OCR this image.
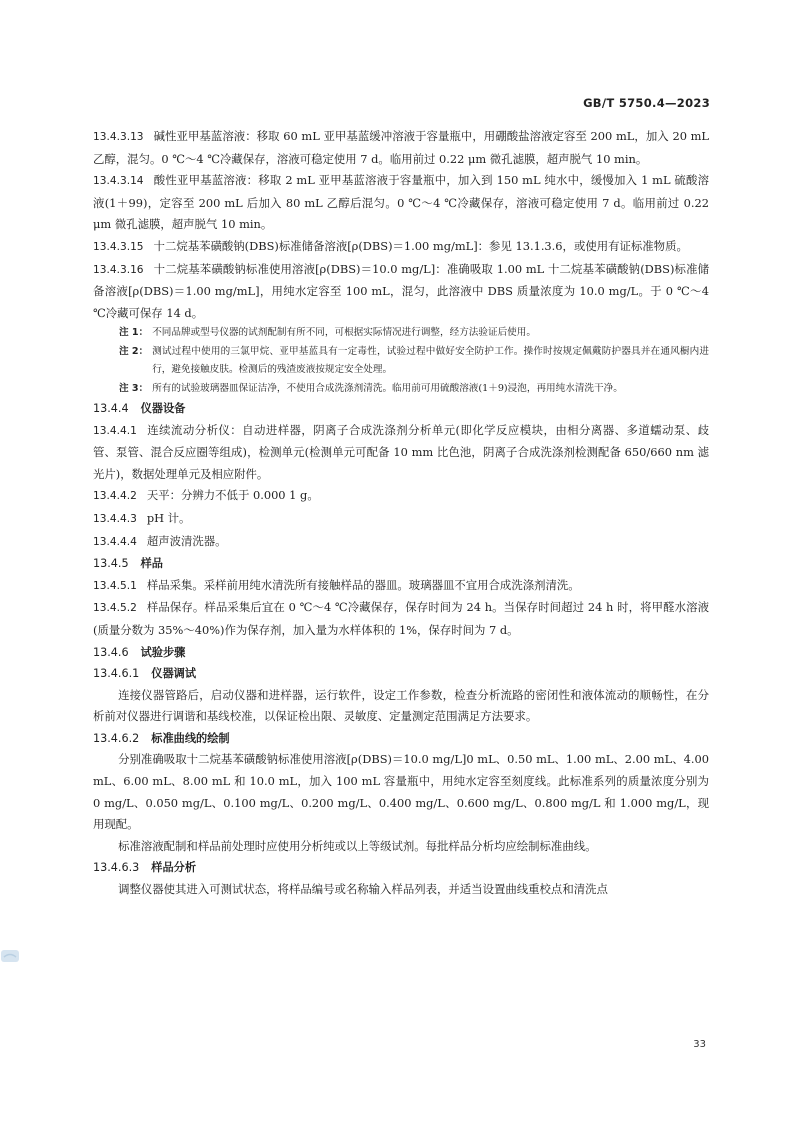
GB/T 5750.4—2023

13.4.3.13 碱性亚甲基蓝溶液：移取 60 mL 亚甲基蓝缓冲溶液于容量瓶中，用硼酸盐溶液定容至 200 mL，加入 20 mL 乙醇，混匀。0 ℃～4 ℃冷藏保存，溶液可稳定使用 7 d。临用前过 0.22 μm 微孔滤膜，超声脱气 10 min。

13.4.3.14 酸性亚甲基蓝溶液：移取 2 mL 亚甲基蓝溶液于容量瓶中，加入到 150 mL 纯水中，缓慢加入 1 mL 硫酸溶液(1＋99)，定容至 200 mL 后加入 80 mL 乙醇后混匀。0 ℃～4 ℃冷藏保存，溶液可稳定使用 7 d。临用前过 0.22 μm 微孔滤膜，超声脱气 10 min。

13.4.3.15 十二烷基苯磺酸钠(DBS)标准储备溶液[ρ(DBS)＝1.00 mg/mL]：参见 13.1.3.6，或使用有证标准物质。

13.4.3.16 十二烷基苯磺酸钠标准使用溶液[ρ(DBS)＝10.0 mg/L]：准确吸取 1.00 mL 十二烷基苯磺酸钠(DBS)标准储备溶液[ρ(DBS)＝1.00 mg/mL]，用纯水定容至 100 mL，混匀，此溶液中 DBS 质量浓度为 10.0 mg/L。于 0 ℃～4 ℃冷藏可保存 14 d。

注 1： 不同品牌或型号仪器的试剂配制有所不同，可根据实际情况进行调整，经方法验证后使用。
注 2： 测试过程中使用的三氯甲烷、亚甲基蓝具有一定毒性，试验过程中做好安全防护工作。操作时按规定佩戴防护器具并在通风橱内进行，避免接触皮肤。检测后的残渣废液按规定安全处理。
注 3： 所有的试验玻璃器皿保证洁净，不使用合成洗涤剂清洗。临用前可用硫酸溶液(1＋9)浸泡，再用纯水清洗干净。

13.4.4 仪器设备

13.4.4.1 连续流动分析仪：自动进样器，阴离子合成洗涤剂分析单元(即化学反应模块，由相分离器、多道蠕动泵、歧管、泵管、混合反应圈等组成)，检测单元(检测单元可配备 10 mm 比色池，阴离子合成洗涤剂检测配备 650/660 nm 滤光片)，数据处理单元及相应附件。

13.4.4.2 天平：分辨力不低于 0.000 1 g。

13.4.4.3 pH 计。

13.4.4.4 超声波清洗器。

13.4.5 样品

13.4.5.1 样品采集。采样前用纯水清洗所有接触样品的器皿。玻璃器皿不宜用合成洗涤剂清洗。

13.4.5.2 样品保存。样品采集后宜在 0 ℃～4 ℃冷藏保存，保存时间为 24 h。当保存时间超过 24 h 时，将甲醛水溶液(质量分数为 35%～40%)作为保存剂，加入量为水样体积的 1%，保存时间为 7 d。

13.4.6 试验步骤

13.4.6.1 仪器调试

连接仪器管路后，启动仪器和进样器，运行软件，设定工作参数，检查分析流路的密闭性和液体流动的顺畅性，在分析前对仪器进行调谐和基线校准，以保证检出限、灵敏度、定量测定范围满足方法要求。

13.4.6.2 标准曲线的绘制

分别准确吸取十二烷基苯磺酸钠标准使用溶液[ρ(DBS)＝10.0 mg/L]0 mL、0.50 mL、1.00 mL、2.00 mL、4.00 mL、6.00 mL、8.00 mL 和 10.0 mL，加入 100 mL 容量瓶中，用纯水定容至刻度线。此标准系列的质量浓度分别为 0 mg/L、0.050 mg/L、0.100 mg/L、0.200 mg/L、0.400 mg/L、0.600 mg/L、0.800 mg/L 和 1.000 mg/L，现用现配。

标准溶液配制和样品前处理时应使用分析纯或以上等级试剂。每批样品分析均应绘制标准曲线。

13.4.6.3 样品分析

调整仪器使其进入可测试状态，将样品编号或名称输入样品列表，并适当设置曲线重校点和清洗点

33
